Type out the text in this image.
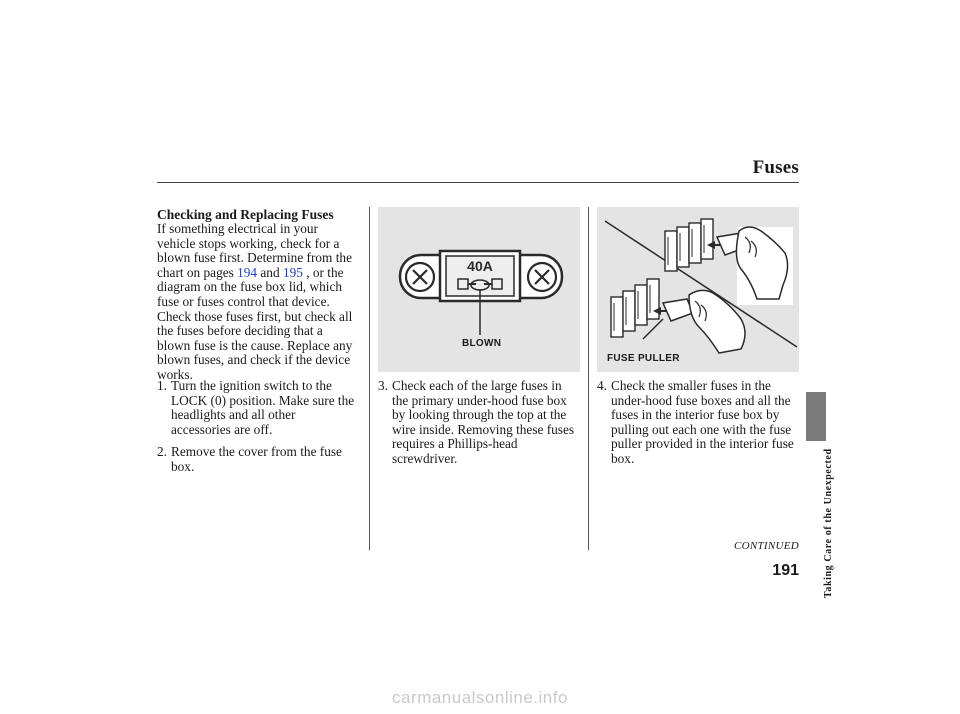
Fuses
Checking and Replacing Fuses
If something electrical in your
vehicle stops working, check for a
blown fuse first. Determine from the
chart on pages 194 and 195 , or the
diagram on the fuse box lid, which
fuse or fuses control that device.
Check those fuses first, but check all
the fuses before deciding that a
blown fuse is the cause. Replace any
blown fuses, and check if the device
works.
1. Turn the ignition switch to the
LOCK (0) position. Make sure the
headlights and all other
accessories are off.
2. Remove the cover from the fuse
box.
40A
BLOWN
3. Check each of the large fuses in
the primary under-hood fuse box
by looking through the top at the
wire inside. Removing these fuses
requires a Phillips-head
screwdriver.
FUSE PULLER
4. Check the smaller fuses in the
under-hood fuse boxes and all the
fuses in the interior fuse box by
pulling out each one with the fuse
puller provided in the interior fuse
box.
CONTINUED
191 Taking Care of the Unexpected
carmanualsonline.info
